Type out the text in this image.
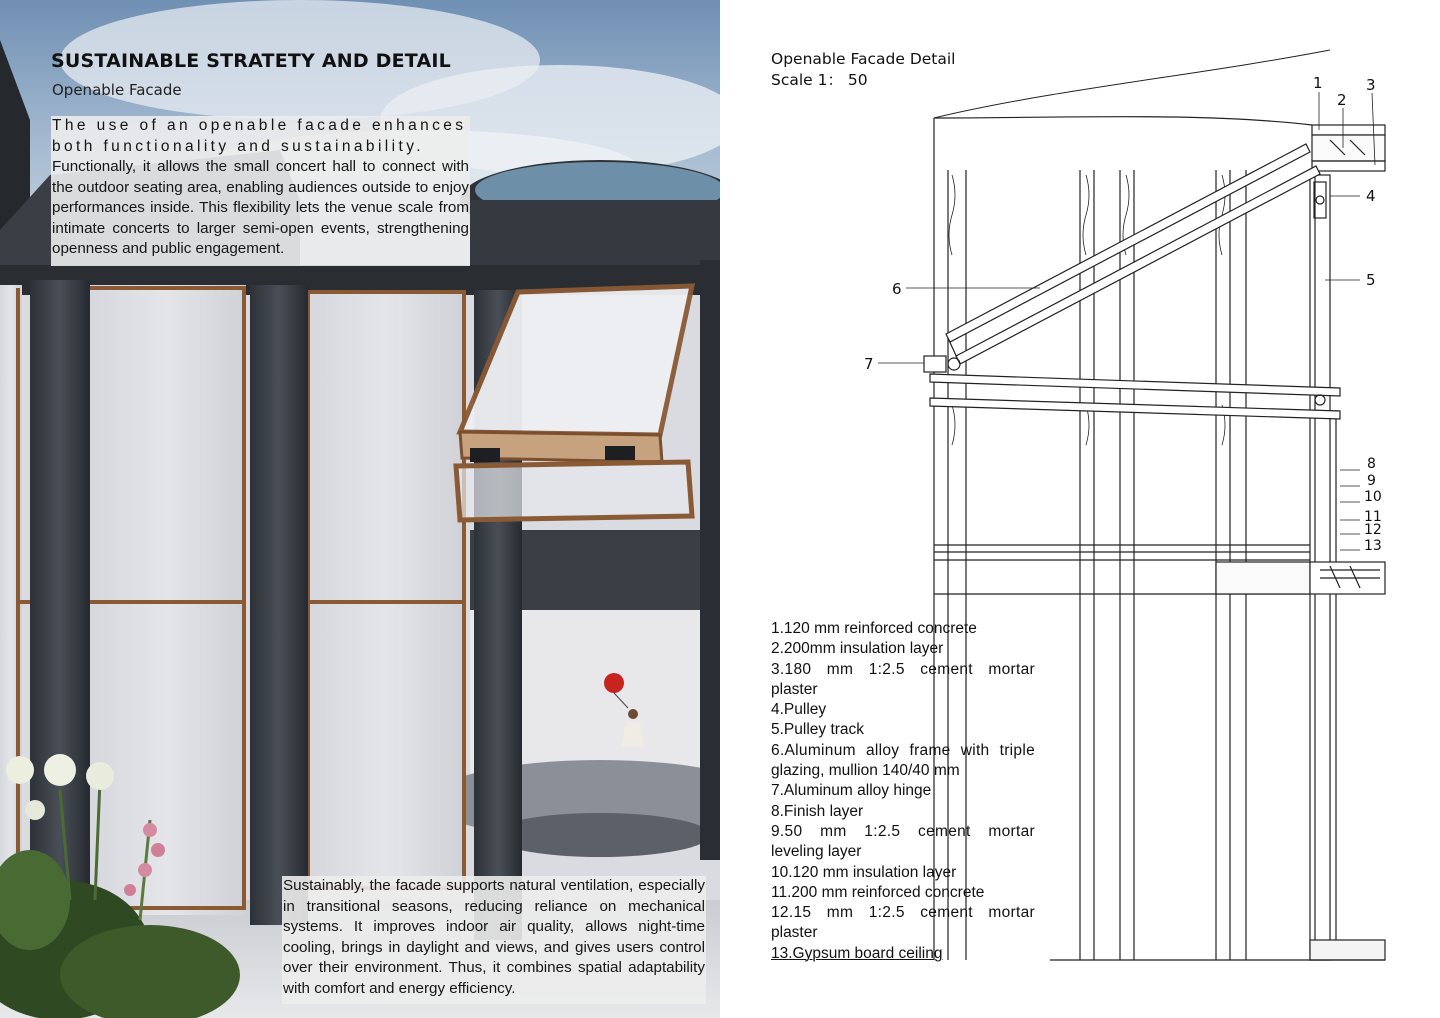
SUSTAINABLE STRATETY AND DETAIL
Openable Facade
The use of an openable facade enhances
both functionality and sustainability.
Functionally, it allows the small concert hall to connect with the outdoor seating area, enabling audiences outside to enjoy performances inside. This flexibility lets the venue scale from intimate concerts to larger semi-open events, strengthening openness and public engagement.
Sustainably, the facade supports natural ventilation, especially in transitional seasons, reducing reliance on mechanical systems. It improves indoor air quality, allows night-time cooling, brings in daylight and views, and gives users control over their environment. Thus, it combines spatial adaptability with comfort and energy efficiency.
Openable Facade Detail
Scale 1： 50	1
2
3
4
5
6
7
8
9
10
11
12
13
1.120 mm reinforced concrete
2.200mm insulation layer
3.180 mm 1:2.5 cement mortar
plaster
4.Pulley
5.Pulley track
6.Aluminum alloy frame with triple
glazing, mullion 140/40 mm
7.Aluminum alloy hinge
8.Finish layer
9.50 mm 1:2.5 cement mortar
leveling layer
10.120 mm insulation layer
11.200 mm reinforced concrete
12.15 mm 1:2.5 cement mortar
plaster
13.Gypsum board ceiling
